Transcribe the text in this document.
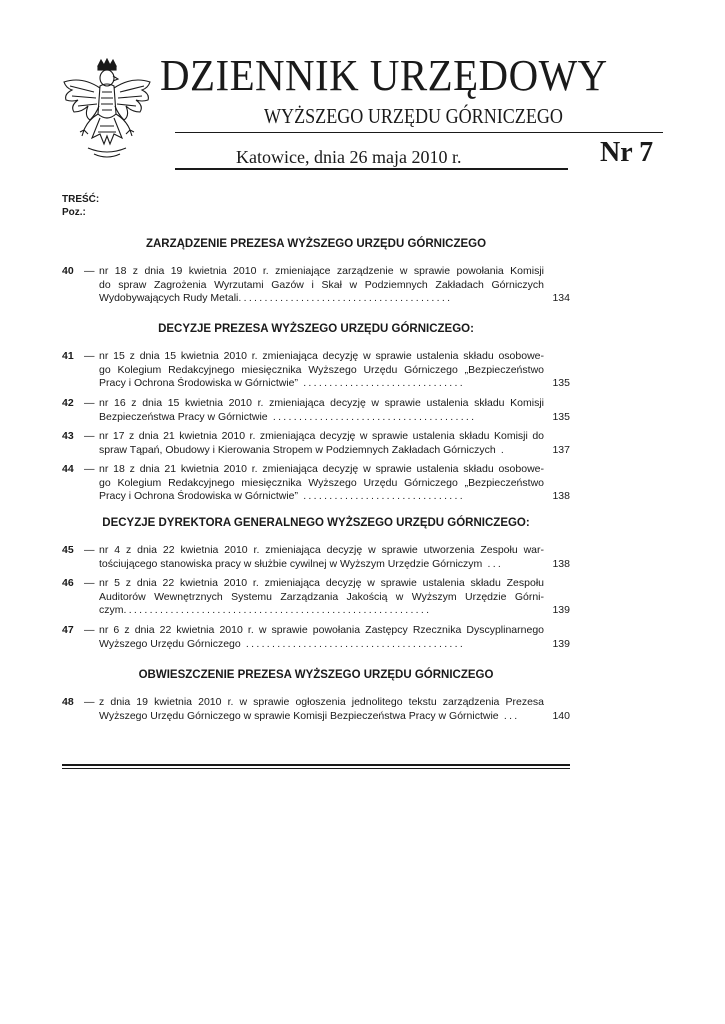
DZIENNIK URZĘDOWY
WYŻSZEGO URZĘDU GÓRNICZEGO
Katowice, dnia 26 maja 2010 r.	Nr 7
TREŚĆ:
Poz.:
ZARZĄDZENIE PREZESA WYŻSZEGO URZĘDU GÓRNICZEGO
40 — nr 18 z dnia 19 kwietnia 2010 r. zmieniające zarządzenie w sprawie powołania Komisji
do spraw Zagrożenia Wyrzutami Gazów i Skał w Podziemnych Zakładach Górniczych
Wydobywających Rudy Metali.........................................	134
DECYZJE PREZESA WYŻSZEGO URZĘDU GÓRNICZEGO:
41 — nr 15 z dnia 15 kwietnia 2010 r. zmieniająca decyzję w sprawie ustalenia składu osobowe-
go Kolegium Redakcyjnego miesięcznika Wyższego Urzędu Górniczego „Bezpieczeństwo
Pracy i Ochrona Środowiska w Górnictwie” ...............................	135
42 — nr 16 z dnia 15 kwietnia 2010 r. zmieniająca decyzję w sprawie ustalenia składu Komisji
Bezpieczeństwa Pracy w Górnictwie .......................................	135
43 — nr 17 z dnia 21 kwietnia 2010 r. zmieniająca decyzję w sprawie ustalenia składu Komisji do
spraw Tąpań, Obudowy i Kierowania Stropem w Podziemnych Zakładach Górniczych .	137
44 — nr 18 z dnia 21 kwietnia 2010 r. zmieniająca decyzję w sprawie ustalenia składu osobowe-
go Kolegium Redakcyjnego miesięcznika Wyższego Urzędu Górniczego „Bezpieczeństwo
Pracy i Ochrona Środowiska w Górnictwie” ...............................	138
DECYZJE DYREKTORA GENERALNEGO WYŻSZEGO URZĘDU GÓRNICZEGO:
45 — nr 4 z dnia 22 kwietnia 2010 r. zmieniająca decyzję w sprawie utworzenia Zespołu war-
tościującego stanowiska pracy w służbie cywilnej w Wyższym Urzędzie Górniczym ...	138
46 — nr 5 z dnia 22 kwietnia 2010 r. zmieniająca decyzję w sprawie ustalenia składu Zespołu
Auditorów Wewnętrznych Systemu Zarządzania Jakością w Wyższym Urzędzie Górni-
czym...........................................................	139
47 — nr 6 z dnia 22 kwietnia 2010 r. w sprawie powołania Zastępcy Rzecznika Dyscyplinarnego
Wyższego Urzędu Górniczego ..........................................	139
OBWIESZCZENIE PREZESA WYŻSZEGO URZĘDU GÓRNICZEGO
48 — z dnia 19 kwietnia 2010 r. w sprawie ogłoszenia jednolitego tekstu zarządzenia Prezesa
Wyższego Urzędu Górniczego w sprawie Komisji Bezpieczeństwa Pracy w Górnictwie ...	140
